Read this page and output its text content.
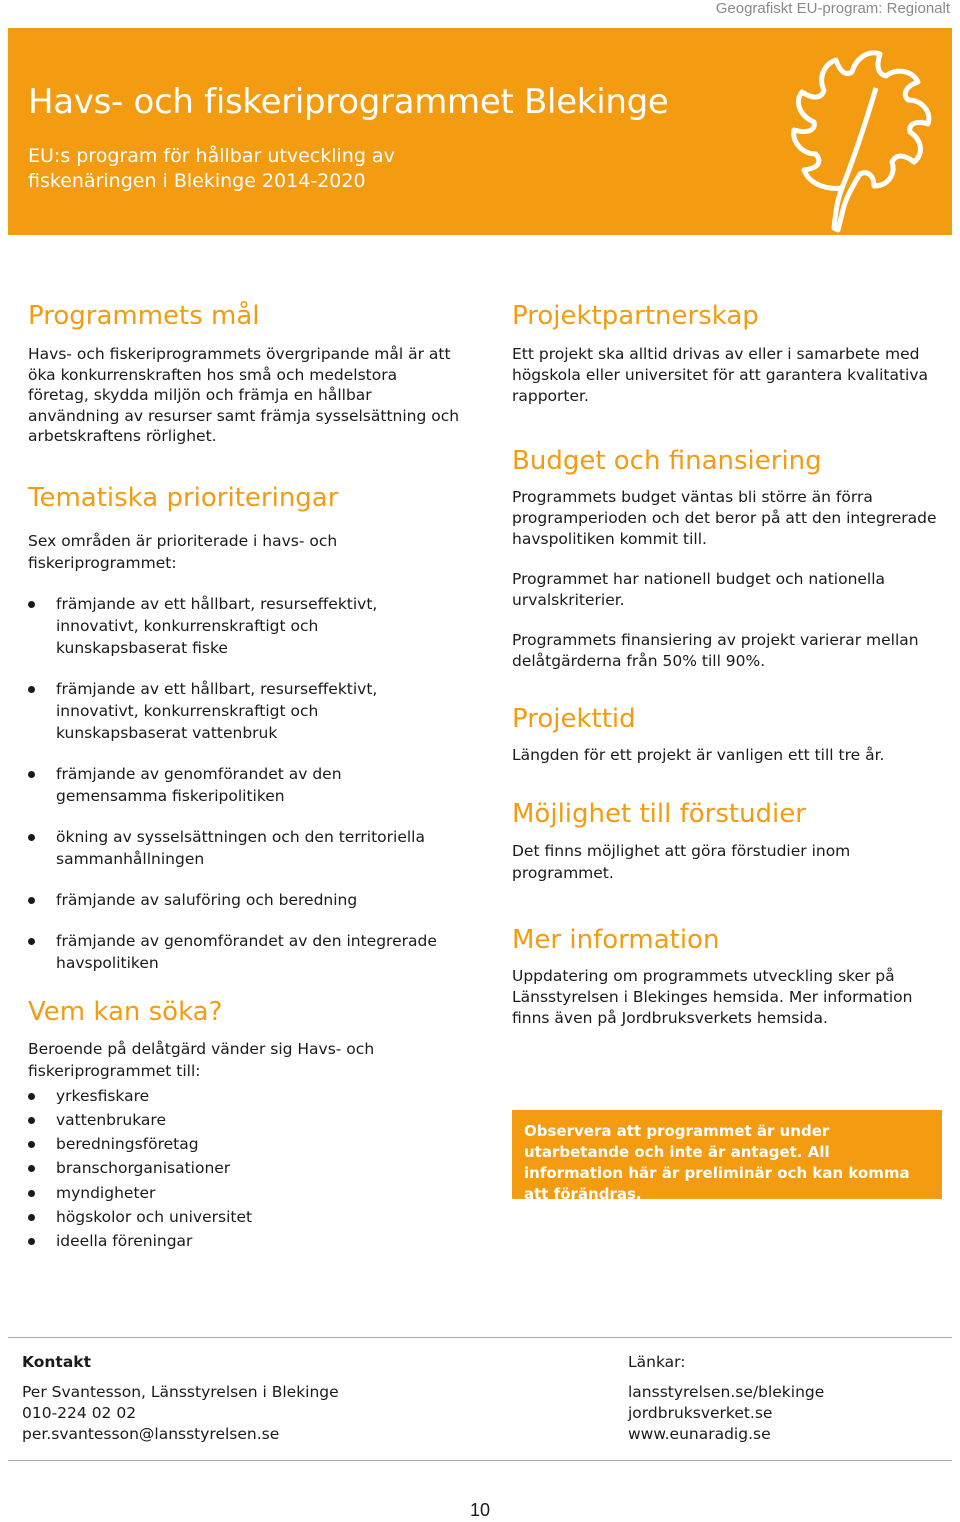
Geografiskt EU-program: Regionalt
Havs- och fiskeriprogrammet Blekinge

EU:s program för hållbar utveckling av fiskenäringen i Blekinge 2014-2020

Programmets mål

Havs- och fiskeriprogrammets övergripande mål är att öka konkurrenskraften hos små och medelstora företag, skydda miljön och främja en hållbar användning av resurser samt främja sysselsättning och arbetskraftens rörlighet.

Tematiska prioriteringar

Sex områden är prioriterade i havs- och fiskeriprogrammet:

främjande av ett hållbart, resurseffektivt, innovativt, konkurrenskraftigt och kunskapsbaserat fiske
främjande av ett hållbart, resurseffektivt, innovativt, konkurrenskraftigt och kunskapsbaserat vattenbruk
främjande av genomförandet av den gemensamma fiskeripolitiken
ökning av sysselsättningen och den territoriella sammanhållningen
främjande av saluföring och beredning
främjande av genomförandet av den integrerade havspolitiken
Vem kan söka?

Beroende på delåtgärd vänder sig Havs- och fiskeriprogrammet till:

yrkesfiskare
vattenbrukare
beredningsföretag
branschorganisationer
myndigheter
högskolor och universitet
ideella föreningar
Projektpartnerskap

Ett projekt ska alltid drivas av eller i samarbete med högskola eller universitet för att garantera kvalitativa rapporter.

Budget och finansiering

Programmets budget väntas bli större än förra programperioden och det beror på att den integrerade havspolitiken kommit till.

Programmet har nationell budget och nationella urvalskriterier.

Programmets finansiering av projekt varierar mellan delåtgärderna från 50% till 90%.

Projekttid

Längden för ett projekt är vanligen ett till tre år.

Möjlighet till förstudier

Det finns möjlighet att göra förstudier inom programmet.

Mer information

Uppdatering om programmets utveckling sker på Länsstyrelsen i Blekinges hemsida. Mer information finns även på Jordbruksverkets hemsida.

Observera att programmet är under utarbetande och inte är antaget. All information här är preliminär och kan komma att förändras.

Kontakt
Per Svantesson, Länsstyrelsen i Blekinge
010-224 02 02
per.svantesson@lansstyrelsen.se
Länkar:
lansstyrelsen.se/blekinge
jordbruksverket.se
www.eunaradig.se
10
